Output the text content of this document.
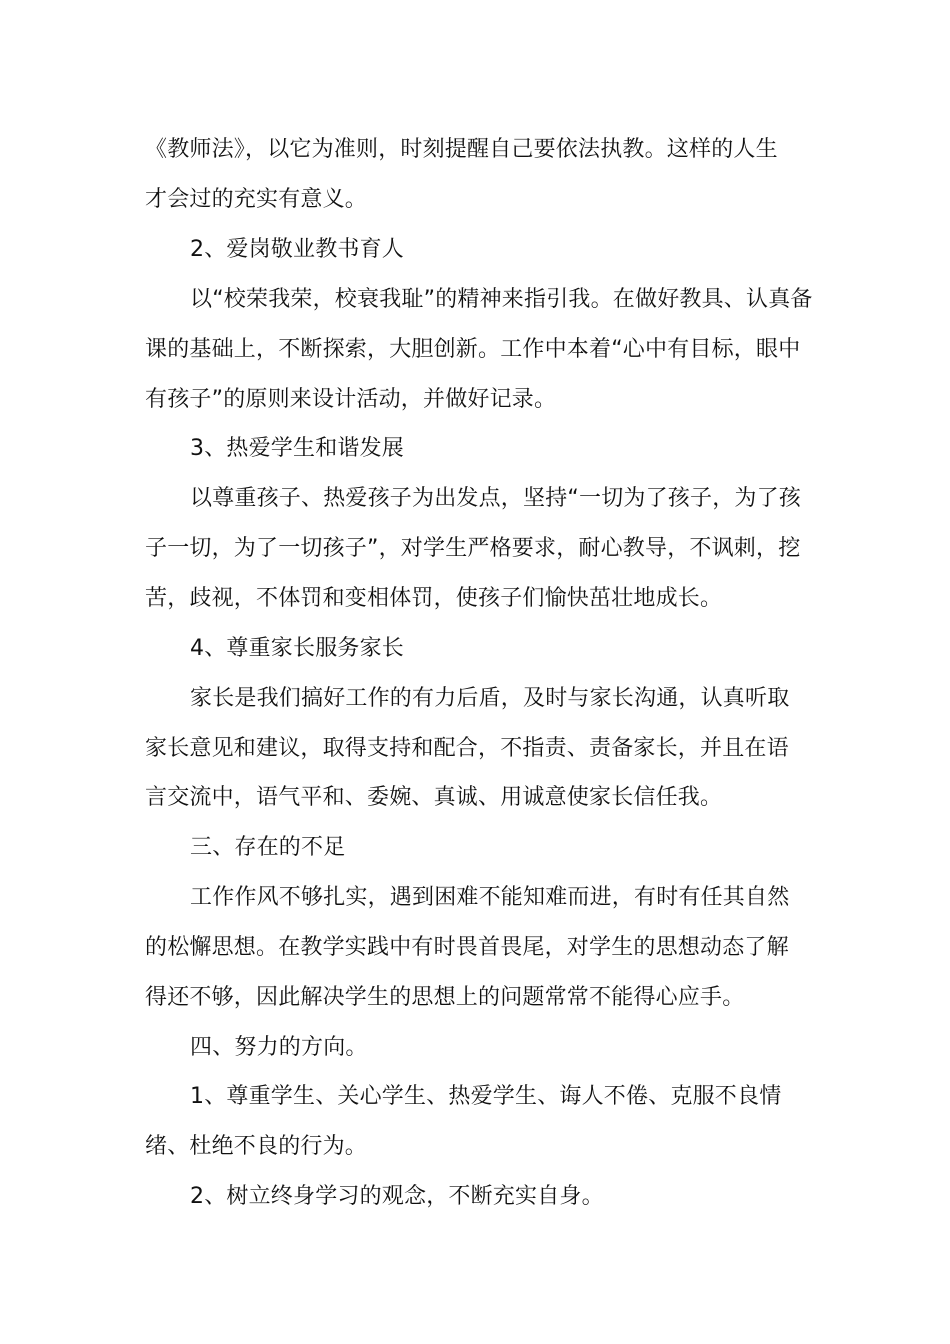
《教师法》，以它为准则，时刻提醒自己要依法执教。这样的人生
才会过的充实有意义。
2、爱岗敬业教书育人
以“校荣我荣，校衰我耻”的精神来指引我。在做好教具、认真备
课的基础上，不断探索，大胆创新。工作中本着“心中有目标，眼中
有孩子”的原则来设计活动，并做好记录。
3、热爱学生和谐发展
以尊重孩子、热爱孩子为出发点，坚持“一切为了孩子，为了孩
子一切，为了一切孩子”，对学生严格要求，耐心教导，不讽刺，挖
苦，歧视，不体罚和变相体罚，使孩子们愉快茁壮地成长。
4、尊重家长服务家长
家长是我们搞好工作的有力后盾，及时与家长沟通，认真听取
家长意见和建议，取得支持和配合，不指责、责备家长，并且在语
言交流中，语气平和、委婉、真诚、用诚意使家长信任我。
三、存在的不足
工作作风不够扎实，遇到困难不能知难而进，有时有任其自然
的松懈思想。在教学实践中有时畏首畏尾，对学生的思想动态了解
得还不够，因此解决学生的思想上的问题常常不能得心应手。
四、努力的方向。
1、尊重学生、关心学生、热爱学生、诲人不倦、克服不良情
绪、杜绝不良的行为。
2、树立终身学习的观念，不断充实自身。
